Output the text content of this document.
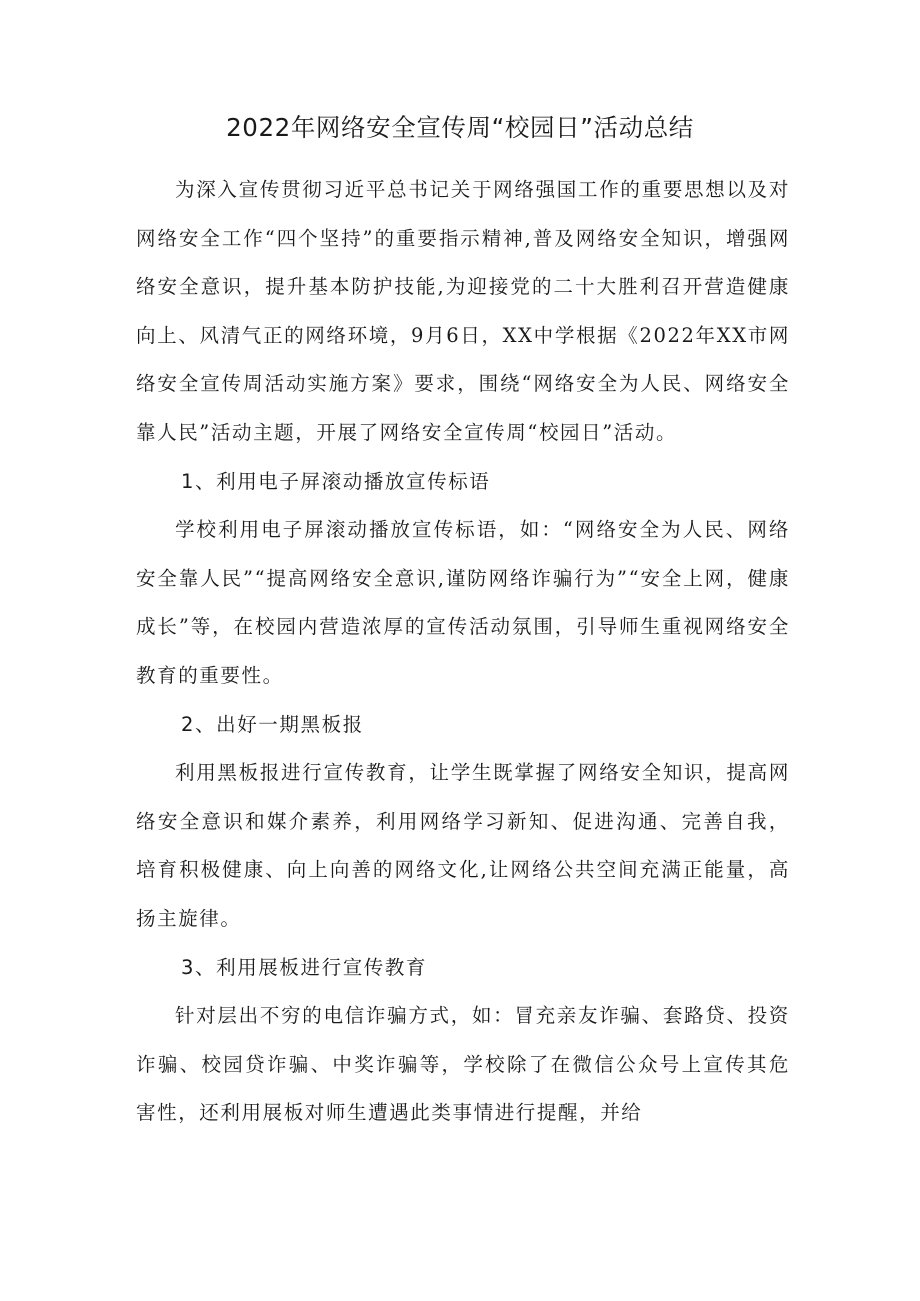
2022年网络安全宣传周“校园日”活动总结

为深入宣传贯彻习近平总书记关于网络强国工作的重要思想以及对网络安全工作“四个坚持”的重要指示精神,普及网络安全知识，增强网络安全意识，提升基本防护技能,为迎接党的二十大胜利召开营造健康向上、风清气正的网络环境，9月6日，XX中学根据《2022年XX市网络安全宣传周活动实施方案》要求，围绕“网络安全为人民、网络安全靠人民”活动主题，开展了网络安全宣传周“校园日”活动。

1、利用电子屏滚动播放宣传标语

学校利用电子屏滚动播放宣传标语，如：“网络安全为人民、网络安全靠人民”“提高网络安全意识,谨防网络诈骗行为”“安全上网，健康成长”等，在校园内营造浓厚的宣传活动氛围，引导师生重视网络安全教育的重要性。

2、出好一期黑板报

利用黑板报进行宣传教育，让学生既掌握了网络安全知识，提高网络安全意识和媒介素养，利用网络学习新知、促进沟通、完善自我，培育积极健康、向上向善的网络文化,让网络公共空间充满正能量，高扬主旋律。

3、利用展板进行宣传教育

针对层出不穷的电信诈骗方式，如：冒充亲友诈骗、套路贷、投资诈骗、校园贷诈骗、中奖诈骗等，学校除了在微信公众号上宣传其危害性，还利用展板对师生遭遇此类事情进行提醒，并给
